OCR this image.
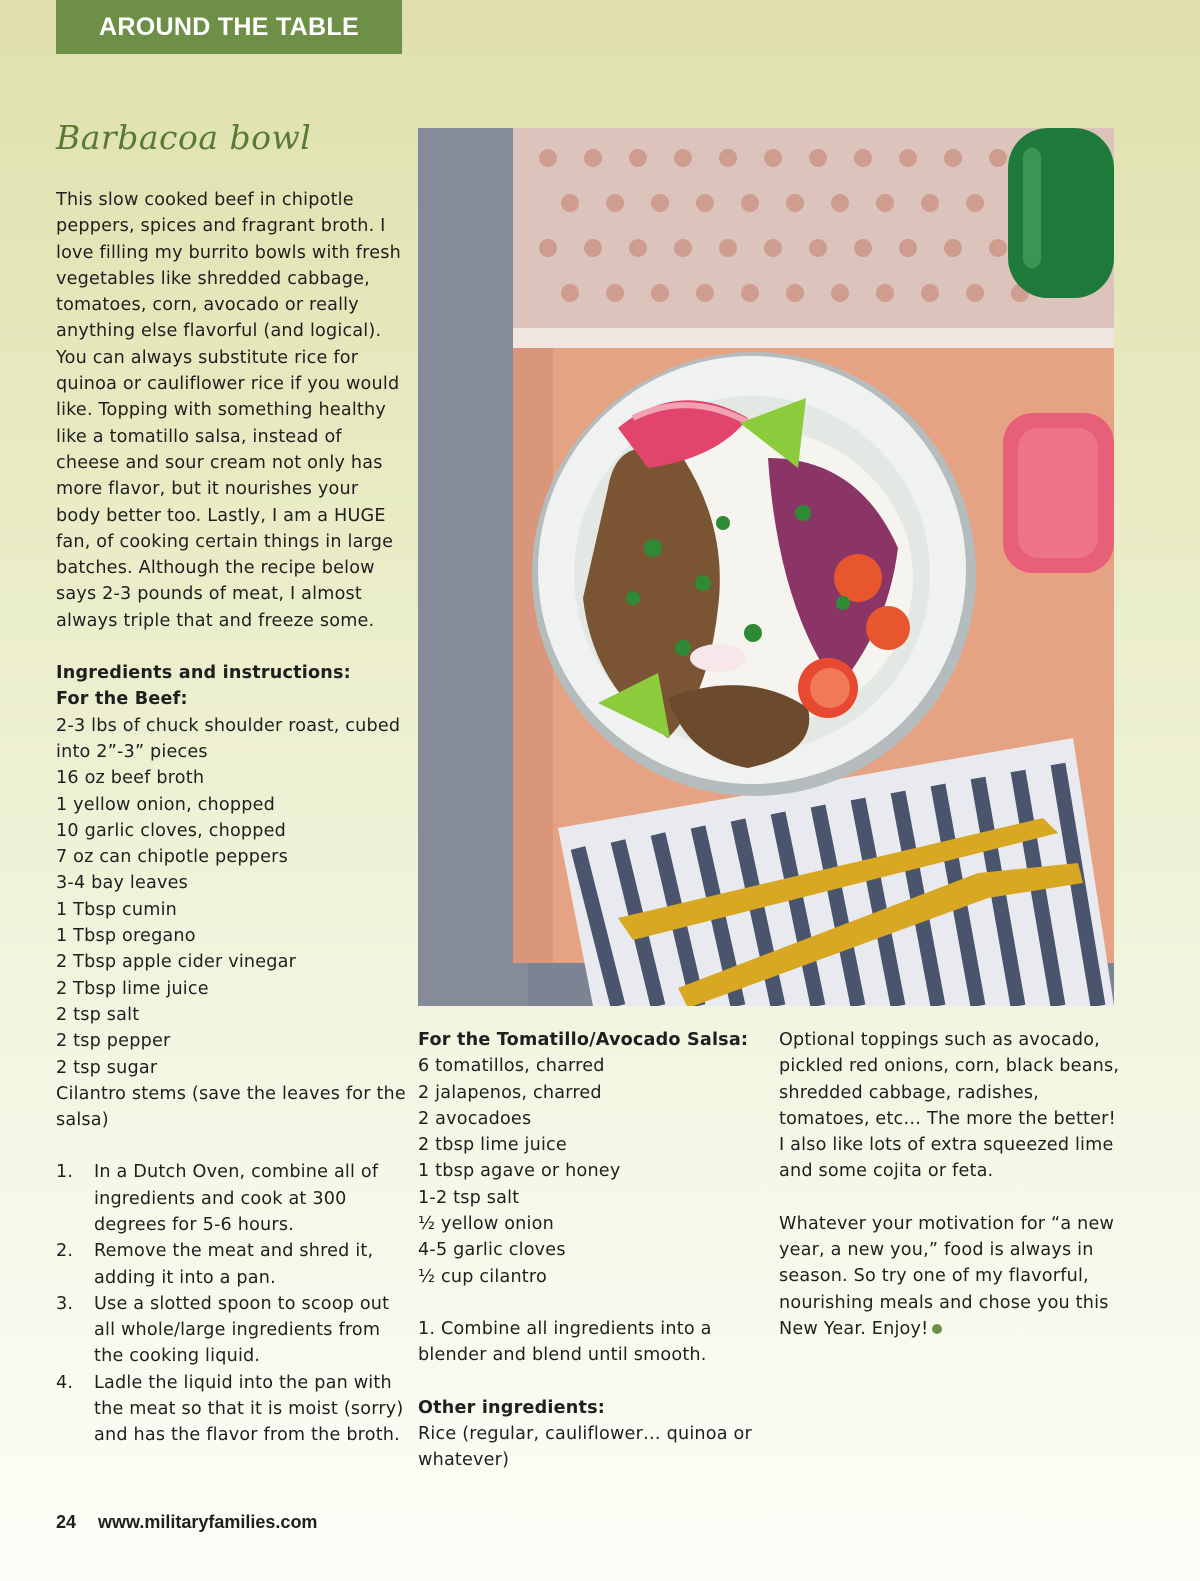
AROUND THE TABLE
Barbacoa bowl

This slow cooked beef in chipotle peppers, spices and fragrant broth. I love filling my burrito bowls with fresh vegetables like shredded cabbage, tomatoes, corn, avocado or really anything else flavorful (and logical). You can always substitute rice for quinoa or cauliflower rice if you would like. Topping with something healthy like a tomatillo salsa, instead of cheese and sour cream not only has more flavor, but it nourishes your body better too. Lastly, I am a HUGE fan, of cooking certain things in large batches. Although the recipe below says 2-3 pounds of meat, I almost always triple that and freeze some.

Ingredients and instructions:

For the Beef:

2-3 lbs of chuck shoulder roast, cubed into 2”-3” pieces

16 oz beef broth

1 yellow onion, chopped

10 garlic cloves, chopped

7 oz can chipotle peppers

3-4 bay leaves

1 Tbsp cumin

1 Tbsp oregano

2 Tbsp apple cider vinegar

2 Tbsp lime juice

2 tsp salt

2 tsp pepper

2 tsp sugar

Cilantro stems (save the leaves for the salsa)

1. In a Dutch Oven, combine all of ingredients and cook at 300 degrees for 5-6 hours.
2. Remove the meat and shred it, adding it into a pan.
3. Use a slotted spoon to scoop out all whole/large ingredients from the cooking liquid.
4. Ladle the liquid into the pan with the meat so that it is moist (sorry) and has the flavor from the broth.

For the Tomatillo/Avocado Salsa:

6 tomatillos, charred

2 jalapenos, charred

2 avocadoes

2 tbsp lime juice

1 tbsp agave or honey

1-2 tsp salt

½ yellow onion

4-5 garlic cloves

½ cup cilantro

1. Combine all ingredients into a blender and blend until smooth.

Other ingredients:

Rice (regular, cauliflower… quinoa or whatever)

Optional toppings such as avocado, pickled red onions, corn, black beans, shredded cabbage, radishes, tomatoes, etc… The more the better! I also like lots of extra squeezed lime and some cojita or feta.

Whatever your motivation for “a new year, a new you,” food is always in season. So try one of my flavorful, nourishing meals and chose you this New Year. Enjoy!

24 www.militaryfamilies.com
